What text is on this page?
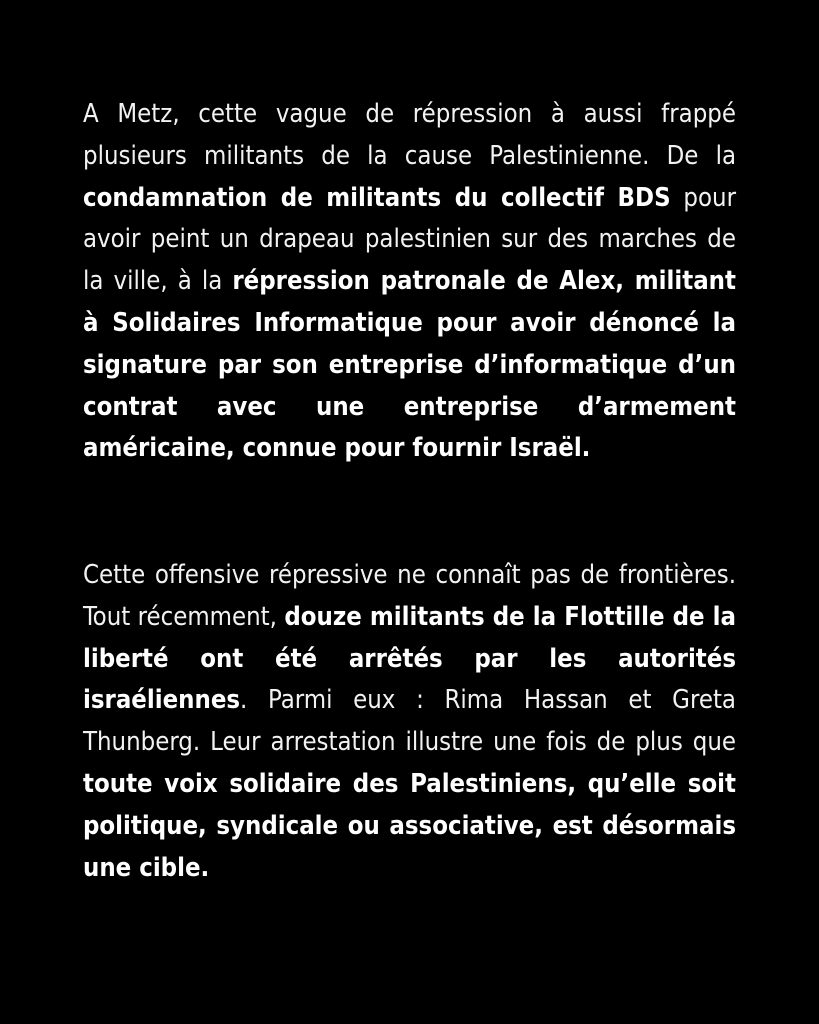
A Metz, cette vague de répression à aussi frappé plusieurs militants de la cause Palestinienne. De la condamnation de militants du collectif BDS pour avoir peint un drapeau palestinien sur des marches de la ville, à la répression patronale de Alex, militant à Solidaires Informatique pour avoir dénoncé la signature par son entreprise d’informatique d’un contrat avec une entreprise d’armement américaine, connue pour fournir Israël.

Cette offensive répressive ne connaît pas de frontières. Tout récemment, douze militants de la Flottille de la liberté ont été arrêtés par les autorités israéliennes. Parmi eux : Rima Hassan et Greta Thunberg. Leur arrestation illustre une fois de plus que toute voix solidaire des Palestiniens, qu’elle soit politique, syndicale ou associative, est désormais une cible.
